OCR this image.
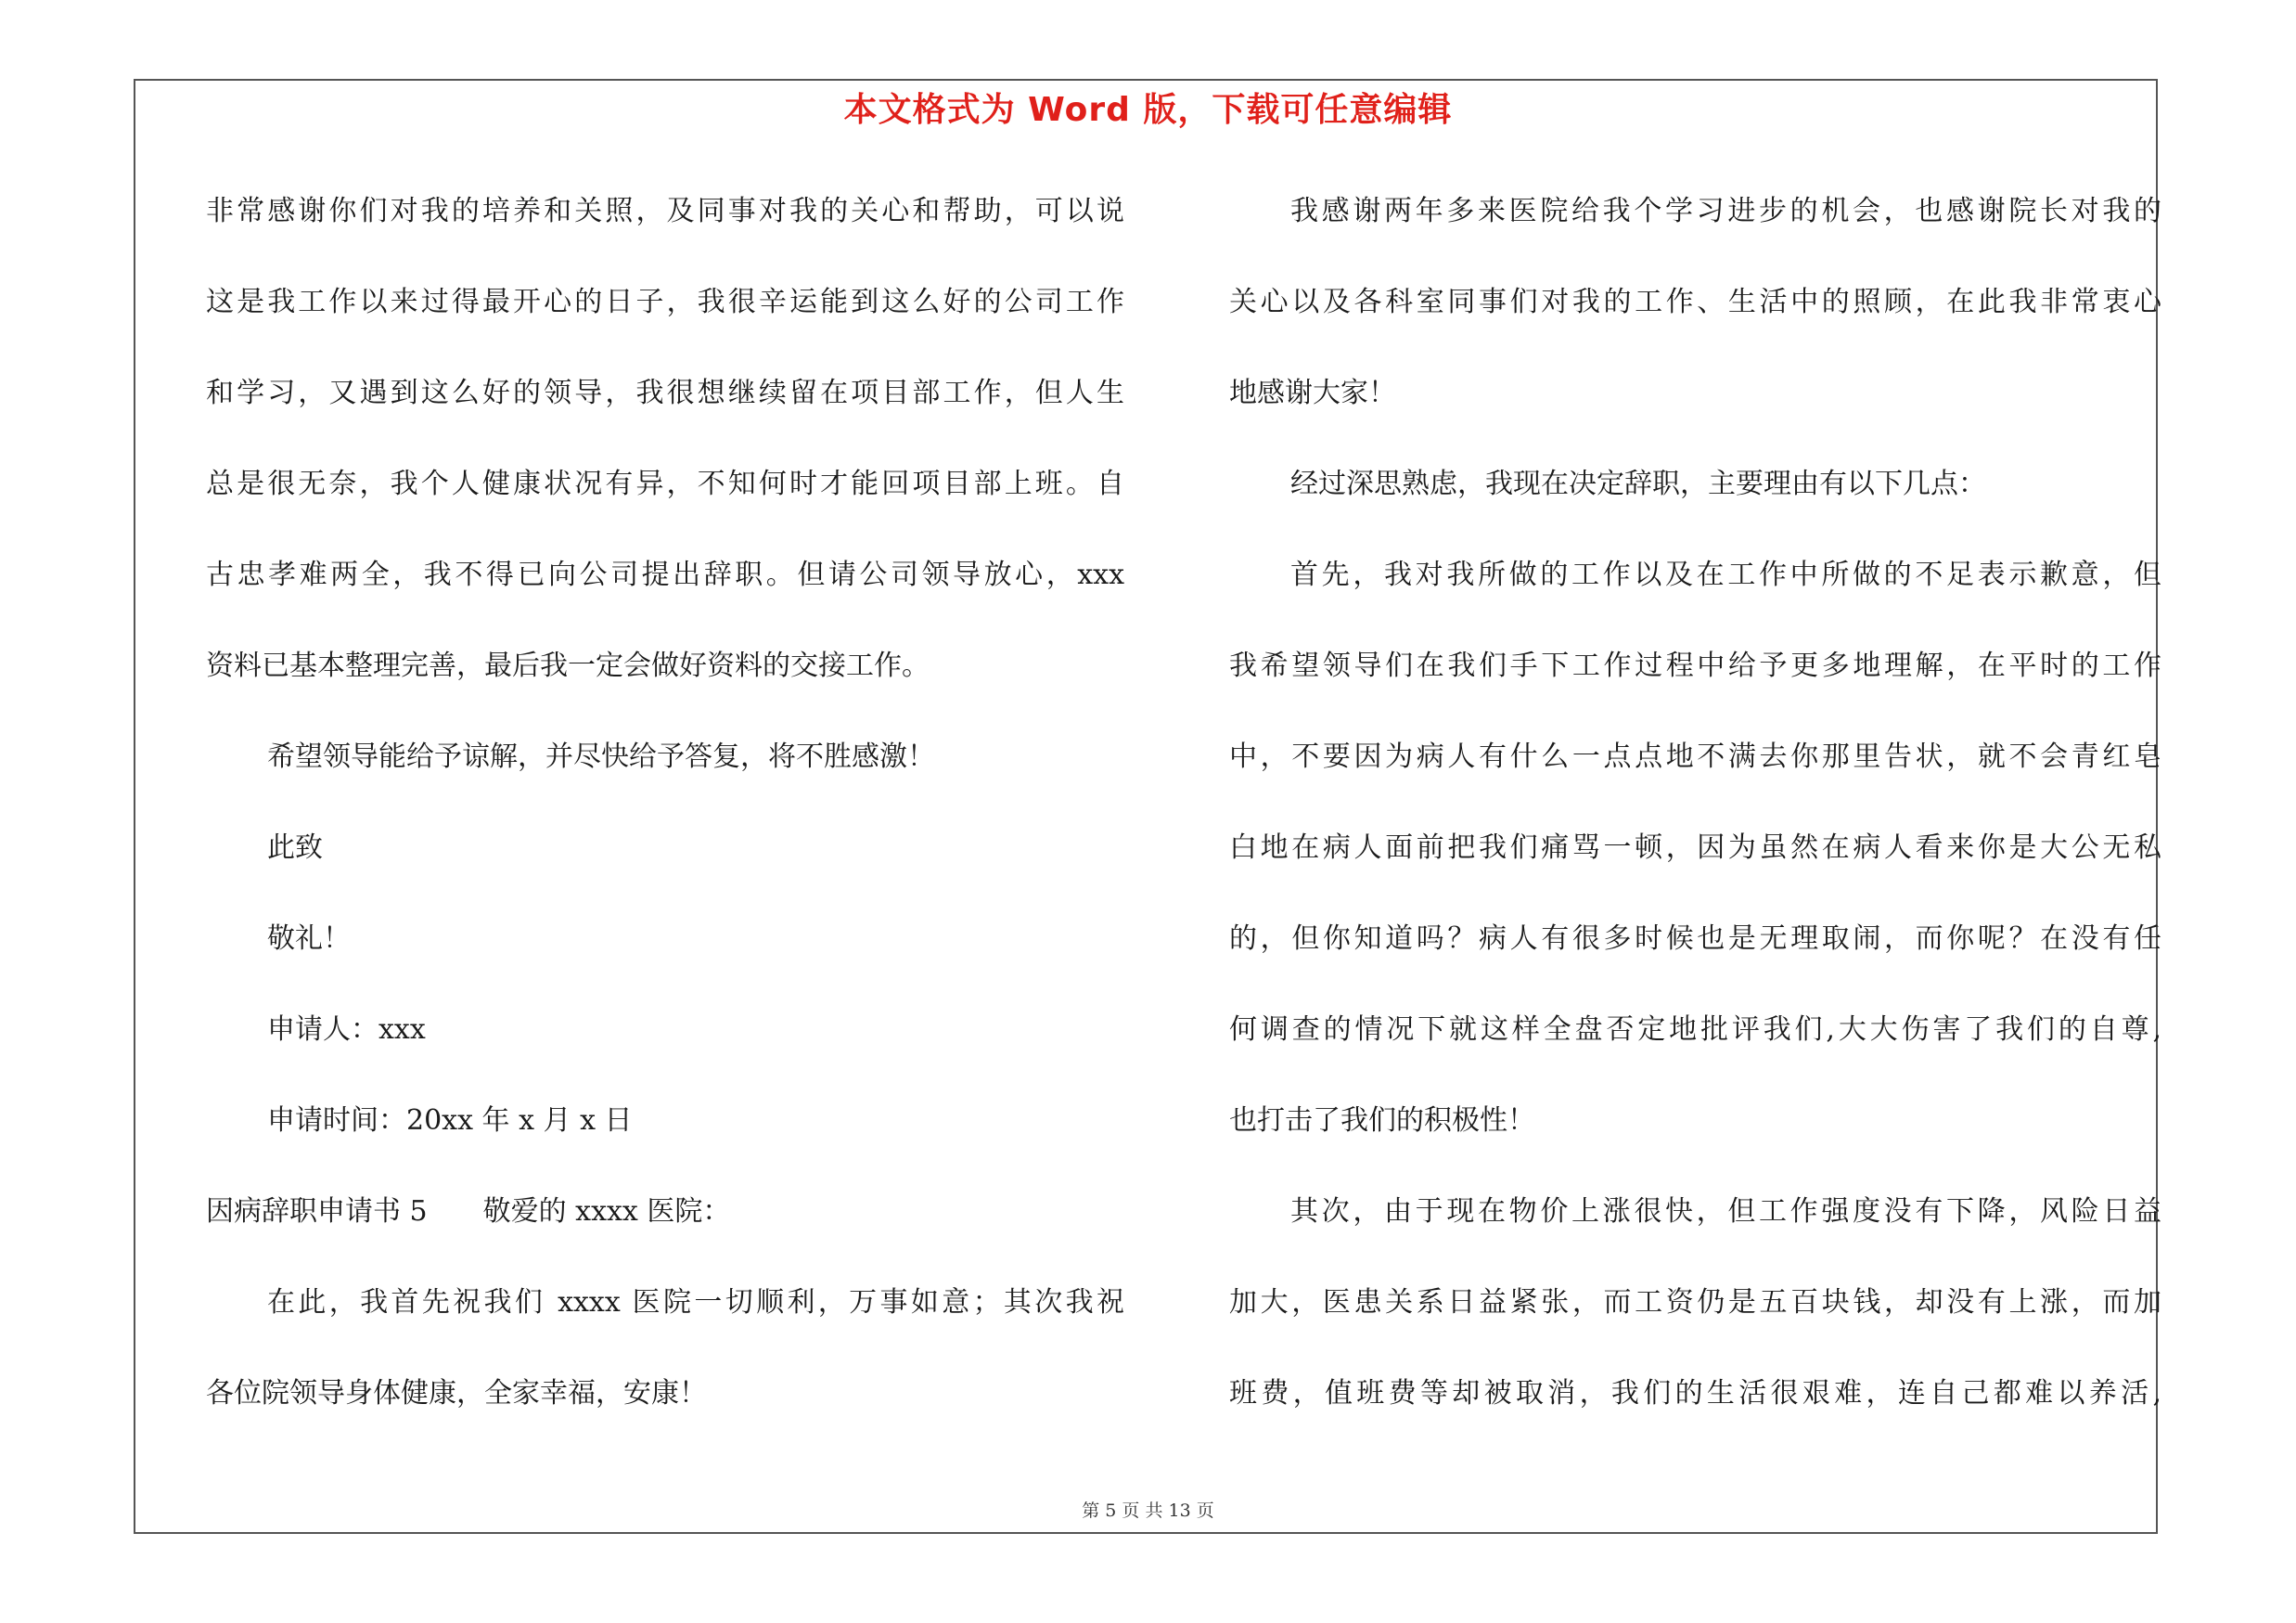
本文格式为 Word 版，下载可任意编辑
非常感谢你们对我的培养和关照，及同事对我的关心和帮助，可以说
这是我工作以来过得最开心的日子，我很辛运能到这么好的公司工作
和学习，又遇到这么好的领导，我很想继续留在项目部工作，但人生
总是很无奈，我个人健康状况有异，不知何时才能回项目部上班。自
古忠孝难两全，我不得已向公司提出辞职。但请公司领导放心，xxx
资料已基本整理完善，最后我一定会做好资料的交接工作。
希望领导能给予谅解，并尽快给予答复，将不胜感激！
此致
敬礼！
申请人：xxx
申请时间：20xx 年 x 月 x 日
因病辞职申请书 5　　敬爱的 xxxx 医院：
在此，我首先祝我们 xxxx 医院一切顺利，万事如意；其次我祝
各位院领导身体健康，全家幸福，安康！
我感谢两年多来医院给我个学习进步的机会，也感谢院长对我的
关心以及各科室同事们对我的工作、生活中的照顾，在此我非常衷心
地感谢大家！
经过深思熟虑，我现在决定辞职，主要理由有以下几点：
首先，我对我所做的工作以及在工作中所做的不足表示歉意，但
我希望领导们在我们手下工作过程中给予更多地理解，在平时的工作
中，不要因为病人有什么一点点地不满去你那里告状，就不会青红皂
白地在病人面前把我们痛骂一顿，因为虽然在病人看来你是大公无私
的，但你知道吗？病人有很多时候也是无理取闹，而你呢？在没有任
何调查的情况下就这样全盘否定地批评我们,大大伤害了我们的自尊,
也打击了我们的积极性！
其次，由于现在物价上涨很快，但工作强度没有下降，风险日益
加大，医患关系日益紧张，而工资仍是五百块钱，却没有上涨，而加
班费，值班费等却被取消，我们的生活很艰难，连自己都难以养活,
第 5 页 共 13 页
